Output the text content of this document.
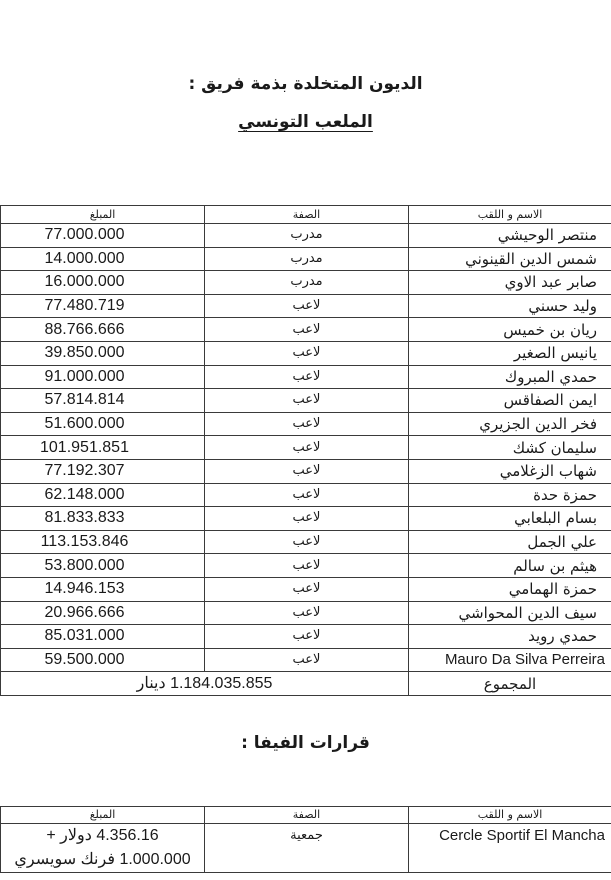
الديون المتخلدة بذمة فريق :
الملعب التونسي
المبلغ	الصفة	الاسم و اللقب
77.000.000	مدرب	منتصر الوحيشي
14.000.000	مدرب	شمس الدين القينوني
16.000.000	مدرب	صابر عبد الاوي
77.480.719	لاعب	وليد حسني
88.766.666	لاعب	ريان بن خميس
39.850.000	لاعب	يانيس الصغير
91.000.000	لاعب	حمدي المبروك
57.814.814	لاعب	ايمن الصفاقس
51.600.000	لاعب	فخر الدين الجزيري
101.951.851	لاعب	سليمان كشك
77.192.307	لاعب	شهاب الزغلامي
62.148.000	لاعب	حمزة حدة
81.833.833	لاعب	بسام البلعابي
113.153.846	لاعب	علي الجمل
53.800.000	لاعب	هيثم بن سالم
14.946.153	لاعب	حمزة الهمامي
20.966.666	لاعب	سيف الدين المحواشي
85.031.000	لاعب	حمدي رويد
59.500.000	لاعب	Mauro Da Silva Perreira
1.184.035.855 دينار		المجموع
قرارات الفيفا :
المبلغ	الصفة	الاسم و اللقب

4.356.16 دولار +
1.000.000 فرنك سويسري	جمعية	Cercle Sportif El Mancha
